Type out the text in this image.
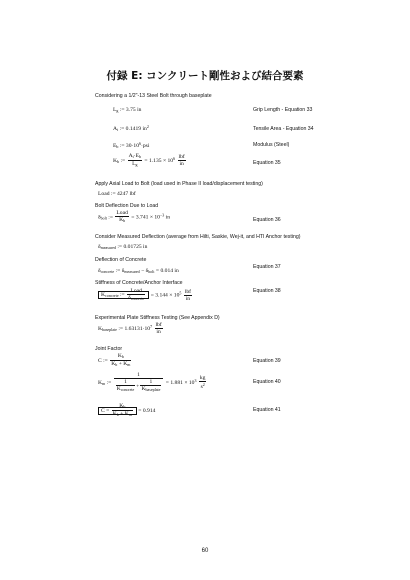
付録 E: コンクリート剛性および結合要素
Considering a 1/2"-13 Steel Bolt through baseplate
$L_g$ := 3.75 in	Grip Length - Equation 33
$A_t$ := 0.1419 $in^2$	Tensile Area - Equation 34
$E_b$ := $30\cdot 10^6\cdot psi$	Modulus (Steel)
$K_b$ := $\frac{A_t\cdot E_b}{L_g} = 1.135 \times 10^6 \frac{\text{lbf}}{in}$	Equation 35
Apply Axial Load to Bolt (load used in Phase II load/displacement testing)
Load := 4247 lbf
Bolt Deflection Due to Load
$\delta_{bolt}$ := $\frac{\text{Load}}{K_b} = 3.741 \times 10^{-3}$ in	Equation 36
Consider Measured Deflection (average from Hilti, Saskie, Wej-it, and HTI Anchor testing)
$\delta_{measured}$ := 0.01725 in
Deflection of Concrete
$\delta_{concrete}$ := $\delta_{measured} - \delta_{bolt} = 0.014$ in
Equation 37
Stiffness of Concrete/Anchor Interface
$K_{concrete}$ := $\frac{\text{Load}}{\delta_{concrete}} = 3.144 \times 10^5 \frac{\text{lbf}}{in}$	Equation 38
Experimental Plate Stiffness Testing (See Appendix D)
$K_{baseplate}$ := $1.63131\cdot 10^7 \frac{\text{lbf}}{in}$
Joint Factor
C := $\frac{K_b}{K_b + K_m}$	Equation 39
$K_m$ := $\frac{1}{\frac{1}{K_{concrete}} + \frac{1}{K_{baseplate}}} = 1.881 \times 10^3 \frac{kg}{s^2}$	Equation 40
$C = \frac{K_b}{K_b + K_m} = 0.914$	Equation 41
60
